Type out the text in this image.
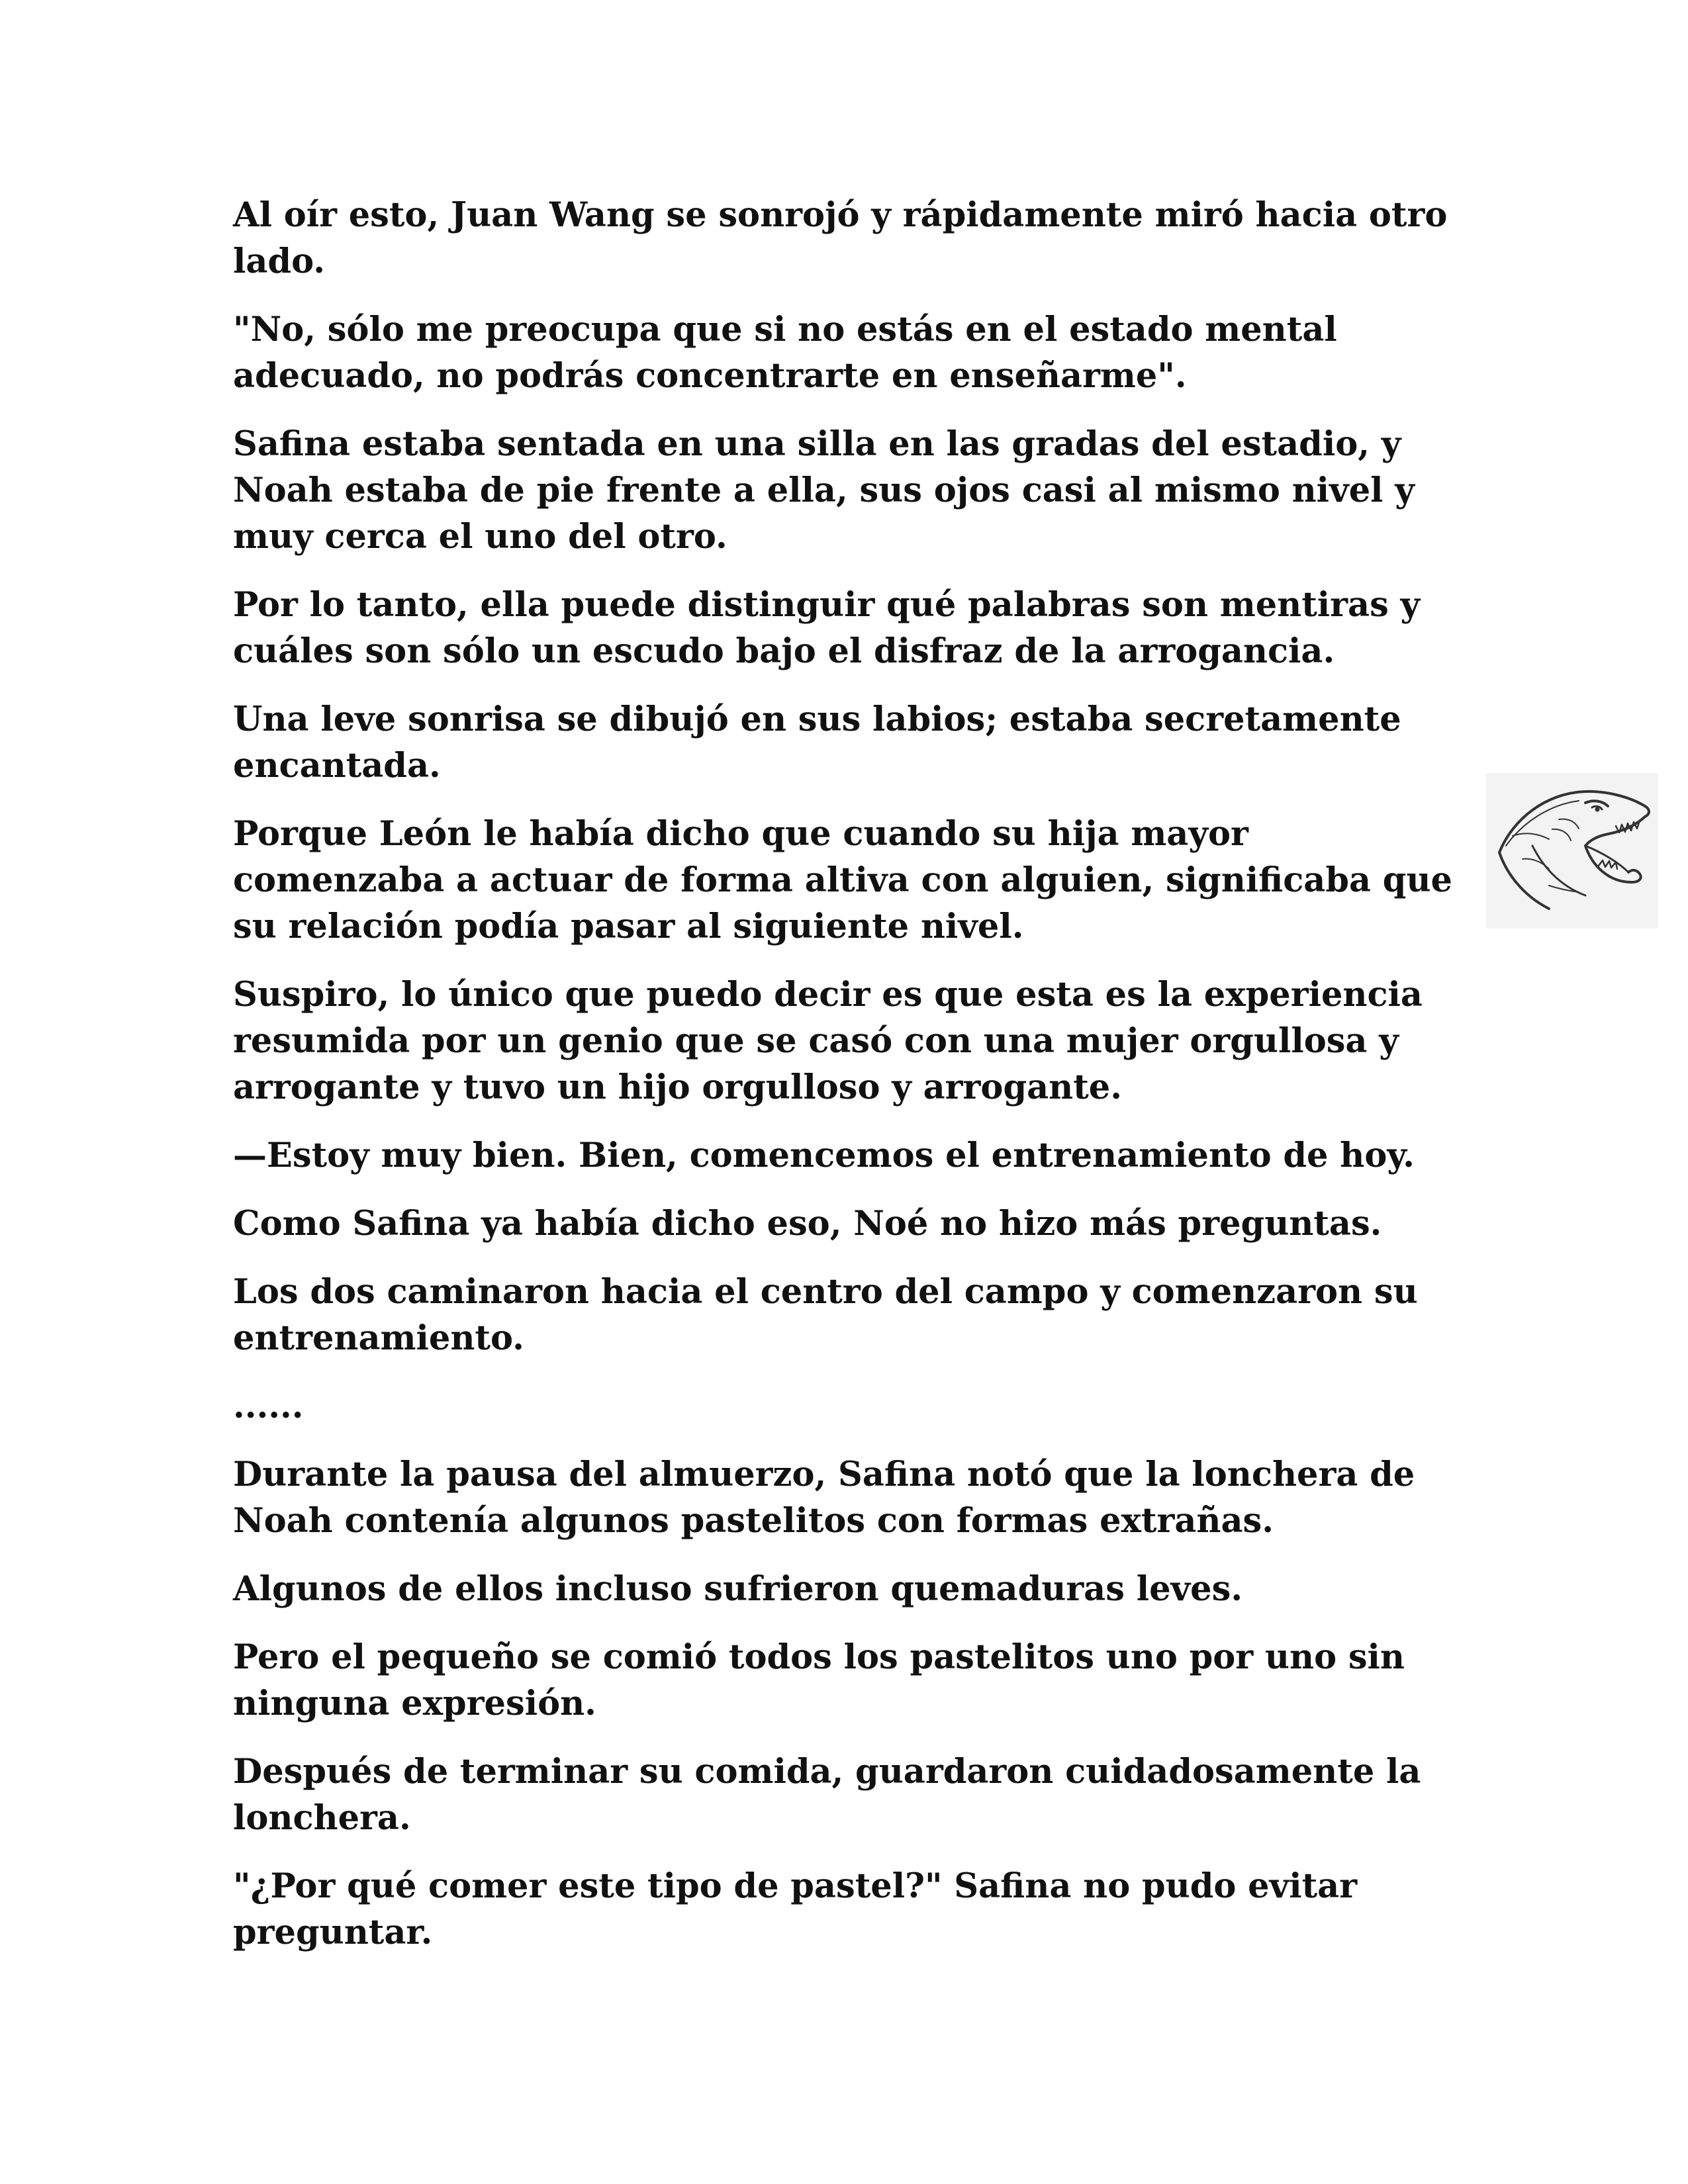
Al oír esto, Juan Wang se sonrojó y rápidamente miró hacia otro lado.

"No, sólo me preocupa que si no estás en el estado mental adecuado, no podrás concentrarte en enseñarme".

Safina estaba sentada en una silla en las gradas del estadio, y Noah estaba de pie frente a ella, sus ojos casi al mismo nivel y muy cerca el uno del otro.

Por lo tanto, ella puede distinguir qué palabras son mentiras y cuáles son sólo un escudo bajo el disfraz de la arrogancia.

Una leve sonrisa se dibujó en sus labios; estaba secretamente encantada.

Porque León le había dicho que cuando su hija mayor comenzaba a actuar de forma altiva con alguien, significaba que su relación podía pasar al siguiente nivel.

Suspiro, lo único que puedo decir es que esta es la experiencia resumida por un genio que se casó con una mujer orgullosa y arrogante y tuvo un hijo orgulloso y arrogante.

—Estoy muy bien. Bien, comencemos el entrenamiento de hoy.

Como Safina ya había dicho eso, Noé no hizo más preguntas.

Los dos caminaron hacia el centro del campo y comenzaron su entrenamiento.

......

Durante la pausa del almuerzo, Safina notó que la lonchera de Noah contenía algunos pastelitos con formas extrañas.

Algunos de ellos incluso sufrieron quemaduras leves.

Pero el pequeño se comió todos los pastelitos uno por uno sin ninguna expresión.

Después de terminar su comida, guardaron cuidadosamente la lonchera.

"¿Por qué comer este tipo de pastel?" Safina no pudo evitar preguntar.
